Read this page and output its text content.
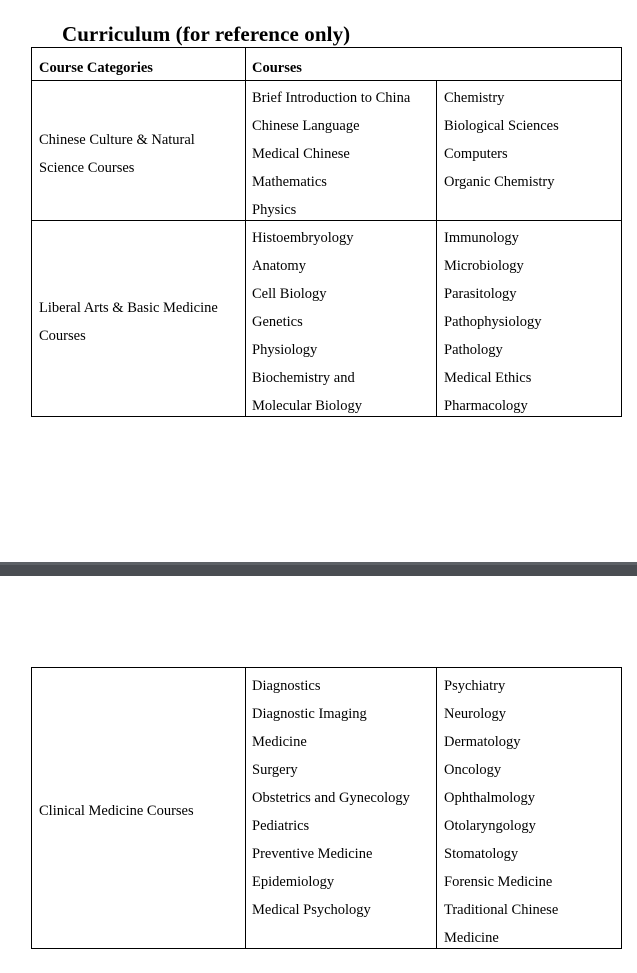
Curriculum (for reference only)
Course Categories	Courses
Chinese Culture & Natural
Science Courses
Brief Introduction to China
Chinese Language
Medical Chinese
Mathematics
Physics
Chemistry
Biological Sciences
Computers
Organic Chemistry
Liberal Arts & Basic Medicine
Courses
Histoembryology
Anatomy
Cell Biology
Genetics
Physiology
Biochemistry and
Molecular Biology
Immunology
Microbiology
Parasitology
Pathophysiology
Pathology
Medical Ethics
Pharmacology
Clinical Medicine Courses
Diagnostics
Diagnostic Imaging
Medicine
Surgery
Obstetrics and Gynecology
Pediatrics
Preventive Medicine
Epidemiology
Medical Psychology
Psychiatry
Neurology
Dermatology
Oncology
Ophthalmology
Otolaryngology
Stomatology
Forensic Medicine
Traditional Chinese
Medicine
